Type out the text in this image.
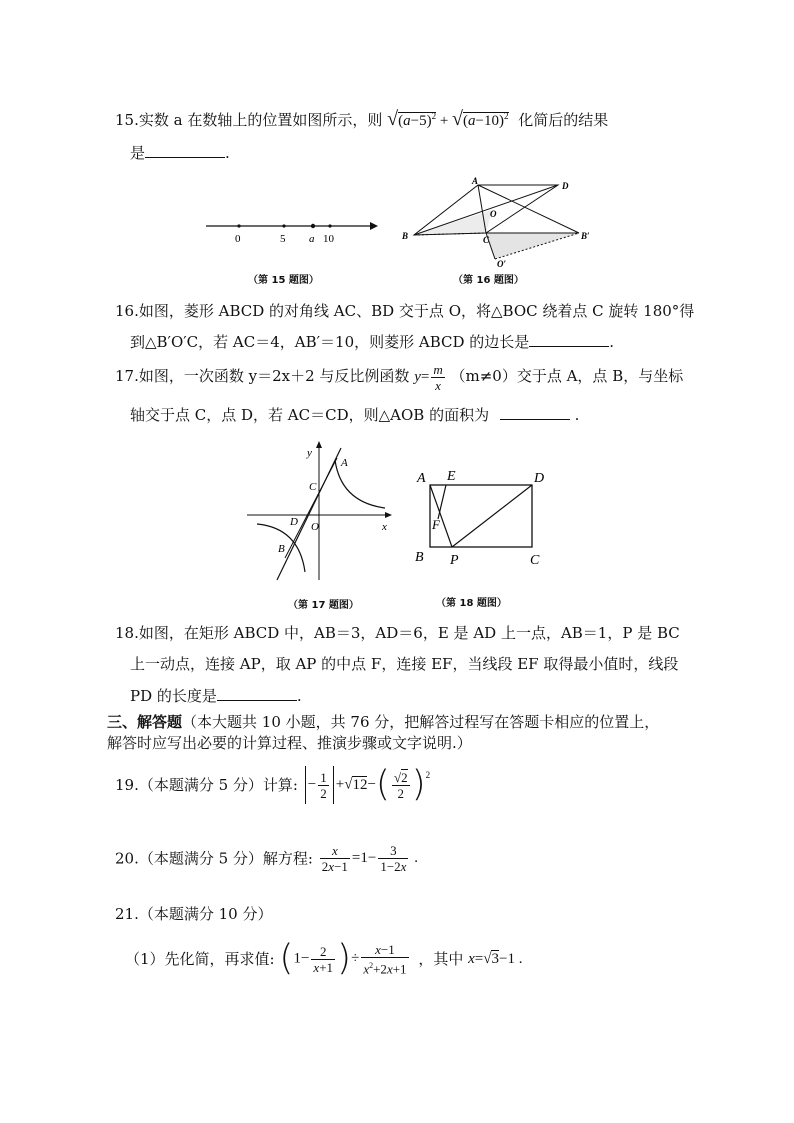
15.实数 a 在数轴上的位置如图所示，则 $√(a-5)^2 + √(a-10)^2$ 化简后的结果
是	.
0	5 a 10
（第 15 题图）
A	D
O
B	C	B′
O′
（第 16 题图）
16.如图，菱形 ABCD 的对角线 AC、BD 交于点 O，将△BOC 绕着点 C 旋转 180°得
到△B′O′C，若 AC＝4，AB′＝10，则菱形 ABCD 的边长是	.
17.如图，一次函数 y＝2x＋2 与反比例函数 $y= \frac{m}{x} (m\ne 0)$交于点 A，点 B，与坐标
轴交于点 C，点 D，若 AC＝CD，则△AOB 的面积为	.
y
A
C
D O	x
B
（第 17 题图）
A E	D
F
B P	C
（第 18 题图）
18.如图，在矩形 ABCD 中，AB＝3，AD＝6，E 是 AD 上一点，AB＝1，P 是 BC
上一动点，连接 AP，取 AP 的中点 F，连接 EF，当线段 EF 取得最小值时，线段
PD 的长度是	.
三、解答题（本大题共 10 小题，共 76 分，把解答过程写在答题卡相应的位置上，
解答时应写出必要的计算过程、推演步骤或文字说明.）
19.（本题满分 5 分）计算: − $\frac{1}{2} +√12-( \frac{√2}{2} )^2$
20.（本题满分 5 分）解方程: $\frac{x}{2x-1} =1- \frac{3}{1-2x}$ .
21.（本题满分 10 分）
（1）先化简，再求值: ($1- \frac{2}{x+1}$ )÷ $\frac{x-1}{x^2+2x+1}$ ，其中 x=√3−1 .
